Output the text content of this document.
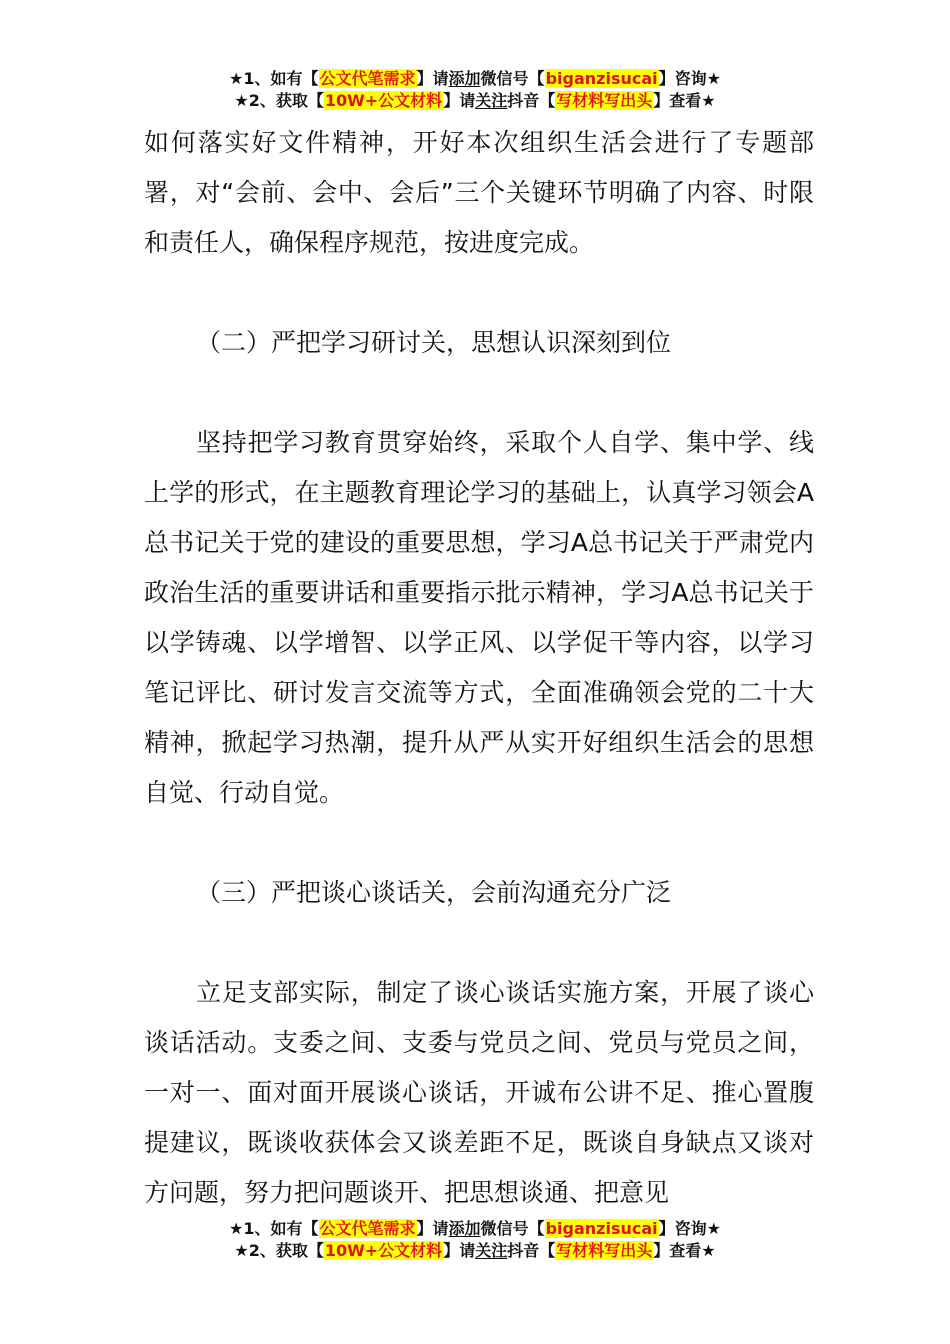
★1、如有【公文代笔需求】请添加微信号【biganzisucai】咨询★
★2、获取【10W+公文材料】请关注抖音【写材料写出头】查看★

如何落实好文件精神，开好本次组织生活会进行了专题部署，对“会前、会中、会后”三个关键环节明确了内容、时限和责任人，确保程序规范，按进度完成。

（二）严把学习研讨关，思想认识深刻到位

坚持把学习教育贯穿始终，采取个人自学、集中学、线上学的形式，在主题教育理论学习的基础上，认真学习领会A总书记关于党的建设的重要思想，学习A总书记关于严肃党内政治生活的重要讲话和重要指示批示精神，学习A总书记关于以学铸魂、以学增智、以学正风、以学促干等内容，以学习笔记评比、研讨发言交流等方式，全面准确领会党的二十大精神，掀起学习热潮，提升从严从实开好组织生活会的思想自觉、行动自觉。

（三）严把谈心谈话关，会前沟通充分广泛

立足支部实际，制定了谈心谈话实施方案，开展了谈心谈话活动。支委之间、支委与党员之间、党员与党员之间，一对一、面对面开展谈心谈话，开诚布公讲不足、推心置腹提建议，既谈收获体会又谈差距不足，既谈自身缺点又谈对方问题，努力把问题谈开、把思想谈通、把意见

★1、如有【公文代笔需求】请添加微信号【biganzisucai】咨询★
★2、获取【10W+公文材料】请关注抖音【写材料写出头】查看★
